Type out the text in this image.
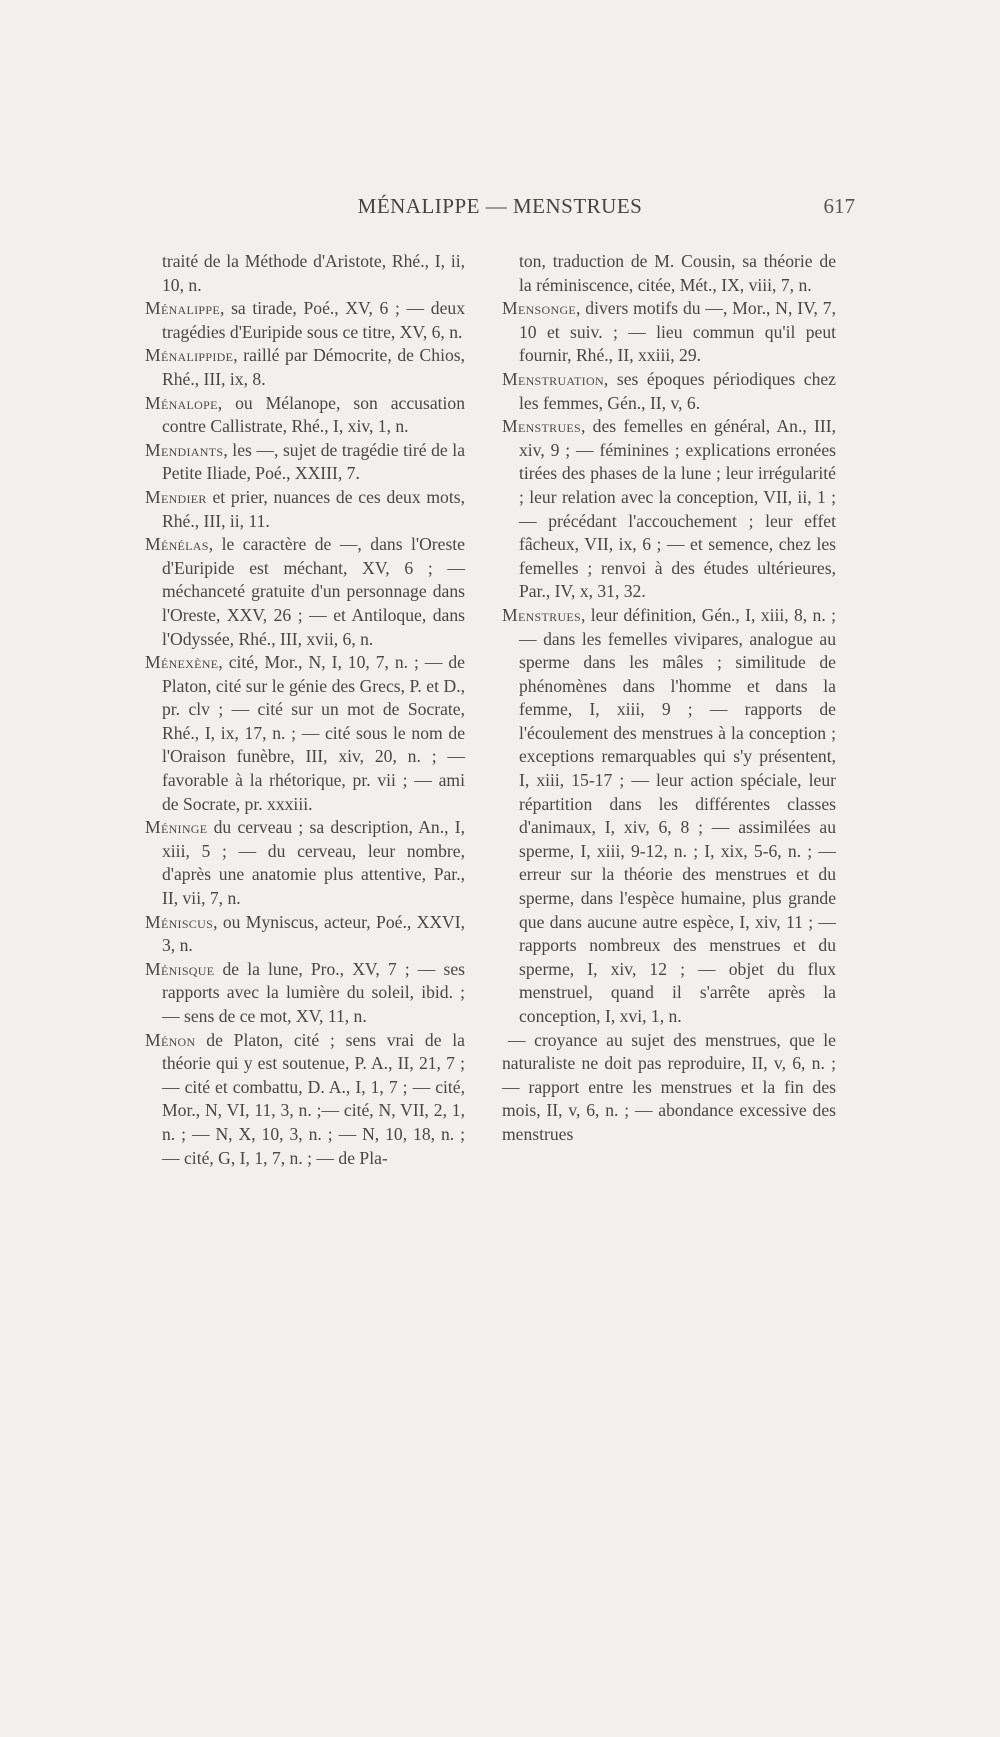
MÉNALIPPE — MENSTRUES	617

traité de la Méthode d'Aristote, Rhé., I, ii, 10, n.

Ménalippe, sa tirade, Poé., XV, 6 ; — deux tragédies d'Euripide sous ce titre, XV, 6, n.

Ménalippide, raillé par Démocrite, de Chios, Rhé., III, ix, 8.

Ménalope, ou Mélanope, son accusation contre Callistrate, Rhé., I, xiv, 1, n.

Mendiants, les —, sujet de tragédie tiré de la Petite Iliade, Poé., XXIII, 7.

Mendier et prier, nuances de ces deux mots, Rhé., III, ii, 11.

Ménélas, le caractère de —, dans l'Oreste d'Euripide est méchant, XV, 6 ; — méchanceté gratuite d'un personnage dans l'Oreste, XXV, 26 ; — et Antiloque, dans l'Odyssée, Rhé., III, xvii, 6, n.

Ménexène, cité, Mor., N, I, 10, 7, n. ; — de Platon, cité sur le génie des Grecs, P. et D., pr. clv ; — cité sur un mot de Socrate, Rhé., I, ix, 17, n. ; — cité sous le nom de l'Oraison funèbre, III, xiv, 20, n. ; — favorable à la rhétorique, pr. vii ; — ami de Socrate, pr. xxxiii.

Méninge du cerveau ; sa description, An., I, xiii, 5 ; — du cerveau, leur nombre, d'après une anatomie plus attentive, Par., II, vii, 7, n.

Méniscus, ou Myniscus, acteur, Poé., XXVI, 3, n.

Ménisque de la lune, Pro., XV, 7 ; — ses rapports avec la lumière du soleil, ibid. ; — sens de ce mot, XV, 11, n.

Ménon de Platon, cité ; sens vrai de la théorie qui y est soutenue, P. A., II, 21, 7 ; — cité et combattu, D. A., I, 1, 7 ; — cité, Mor., N, VI, 11, 3, n. ;— cité, N, VII, 2, 1, n. ; — N, X, 10, 3, n. ; — N, 10, 18, n. ; — cité, G, I, 1, 7, n. ; — de Pla-

ton, traduction de M. Cousin, sa théorie de la réminiscence, citée, Mét., IX, viii, 7, n.

Mensonge, divers motifs du —, Mor., N, IV, 7, 10 et suiv. ; — lieu commun qu'il peut fournir, Rhé., II, xxiii, 29.

Menstruation, ses époques périodiques chez les femmes, Gén., II, v, 6.

Menstrues, des femelles en général, An., III, xiv, 9 ; — féminines ; explications erronées tirées des phases de la lune ; leur irrégularité ; leur relation avec la conception, VII, ii, 1 ; — précédant l'accouchement ; leur effet fâcheux, VII, ix, 6 ; — et semence, chez les femelles ; renvoi à des études ultérieures, Par., IV, x, 31, 32.

Menstrues, leur définition, Gén., I, xiii, 8, n. ; — dans les femelles vivipares, analogue au sperme dans les mâles ; similitude de phénomènes dans l'homme et dans la femme, I, xiii, 9 ; — rapports de l'écoulement des menstrues à la conception ; exceptions remarquables qui s'y présentent, I, xiii, 15-17 ; — leur action spéciale, leur répartition dans les différentes classes d'animaux, I, xiv, 6, 8 ; — assimilées au sperme, I, xiii, 9-12, n. ; I, xix, 5-6, n. ; — erreur sur la théorie des menstrues et du sperme, dans l'espèce humaine, plus grande que dans aucune autre espèce, I, xiv, 11 ; — rapports nombreux des menstrues et du sperme, I, xiv, 12 ; — objet du flux menstruel, quand il s'arrête après la conception, I, xvi, 1, n.

— croyance au sujet des menstrues, que le naturaliste ne doit pas reproduire, II, v, 6, n. ; — rapport entre les menstrues et la fin des mois, II, v, 6, n. ; — abondance excessive des menstrues
